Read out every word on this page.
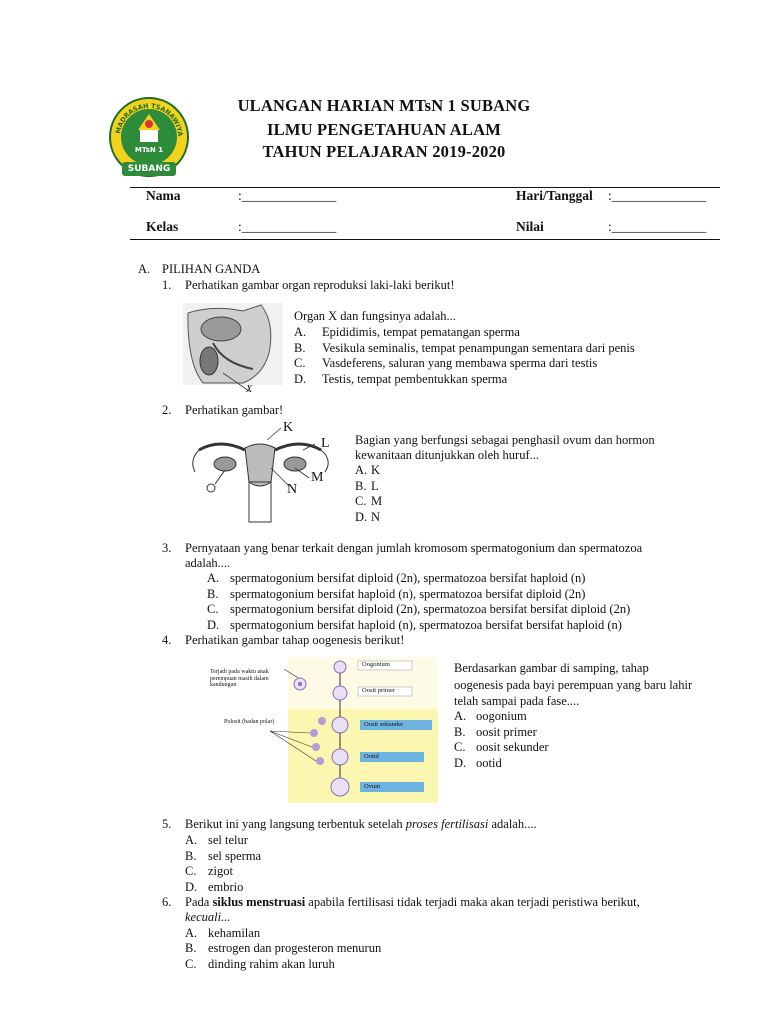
MADRASAH TSANAWIYA
MTsN 1
SUBANG
ULANGAN HARIAN MTsN 1 SUBANG
ILMU PENGETAHUAN ALAM
TAHUN PELAJARAN 2019-2020
Nama	:______________	Hari/Tanggal :______________
Kelas	:______________	Nilai	:______________
A. PILIHAN GANDA
1. Perhatikan gambar organ reproduksi laki-laki berikut!
X
Organ X dan fungsinya adalah...
A. Epididimis, tempat pematangan sperma
B. Vesikula seminalis, tempat penampungan sementara dari penis
C. Vasdeferens, saluran yang membawa sperma dari testis
D. Testis, tempat pembentukkan sperma
2. Perhatikan gambar!
K
L
M
N
Bagian yang berfungsi sebagai penghasil ovum dan hormon
kewanitaan ditunjukkan oleh huruf...
A. K
B. L
C. M
D. N
3. Pernyataan yang benar terkait dengan jumlah kromosom spermatogonium dan spermatozoa
adalah....
A. spermatogonium bersifat diploid (2n), spermatozoa bersifat haploid (n)
B. spermatogonium bersifat haploid (n), spermatozoa bersifat diploid (2n)
C. spermatogonium bersifat diploid (2n), spermatozoa bersifat bersifat diploid (2n)
D. spermatogonium bersifat haploid (n), spermatozoa bersifat bersifat haploid (n)
4. Perhatikan gambar tahap oogenesis berikut!
Terjadi pada waktu anak perempuan masih dalam kandungan
Polosit (badan polar)
Oogonium
Oosit primer
Oosit sekunder
Ootid
Ovum
Berdasarkan gambar di samping, tahap
oogenesis pada bayi perempuan yang baru lahir
telah sampai pada fase....
A. oogonium
B. oosit primer
C. oosit sekunder
D. ootid
5. Berikut ini yang langsung terbentuk setelah proses fertilisasi adalah....
A. sel telur
B. sel sperma
C. zigot
D. embrio
6. Pada siklus menstruasi apabila fertilisasi tidak terjadi maka akan terjadi peristiwa berikut,
kecuali...
A. kehamilan
B. estrogen dan progesteron menurun
C. dinding rahim akan luruh
